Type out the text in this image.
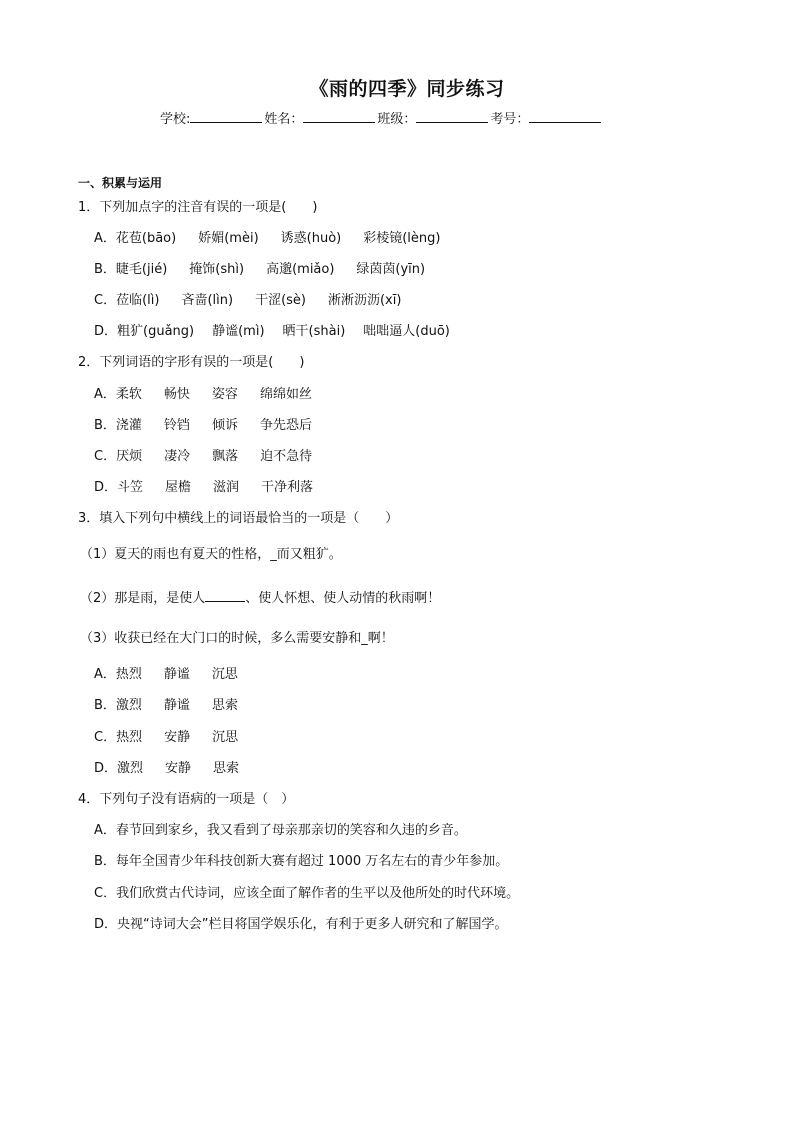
《雨的四季》同步练习
学校:	姓名：	班级：	考号：
一、积累与运用
1．下列加点字的注音有误的一项是(　　)
A．花苞(bāo) 娇媚(mèi) 诱惑(huò) 彩棱镜(lèng)
B．睫毛(jié) 掩饰(shì) 高邈(miǎo) 绿茵茵(yīn)
C．莅临(lì) 吝啬(lìn) 干涩(sè) 淅淅沥沥(xī)
D．粗犷(guǎng) 静谧(mì) 晒干(shài) 咄咄逼人(duō)
2．下列词语的字形有误的一项是(　　)
A．柔软 畅快 姿容 绵绵如丝
B．浇灌 铃铛 倾诉 争先恐后
C．厌烦 凄冷 飘落 迫不急待
D．斗笠 屋檐 滋润 干净利落
3．填入下列句中横线上的词语最恰当的一项是（　　）
（1）夏天的雨也有夏天的性格，_而又粗犷。
（2）那是雨，是使人	、使人怀想、使人动情的秋雨啊！
（3）收获已经在大门口的时候，多么需要安静和_啊！
A．热烈 静谧 沉思
B．激烈 静谧 思索
C．热烈 安静 沉思
D．激烈 安静 思索
4．下列句子没有语病的一项是（　）
A．春节回到家乡，我又看到了母亲那亲切的笑容和久违的乡音。
B．每年全国青少年科技创新大赛有超过 1000 万名左右的青少年参加。
C．我们欣赏古代诗词，应该全面了解作者的生平以及他所处的时代环境。
D．央视“诗词大会”栏目将国学娱乐化，有利于更多人研究和了解国学。
